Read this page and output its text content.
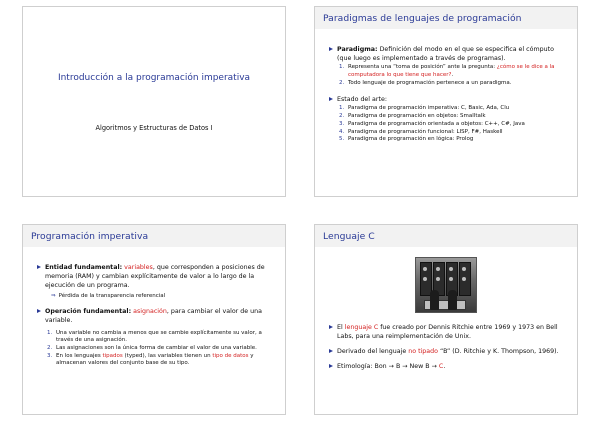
Introducción a la programación imperativa
Algoritmos y Estructuras de Datos I
Paradigmas de lenguajes de programación
Paradigma: Definición del modo en el que se especifica el cómputo (que luego es implementado a través de programas).
1. Representa una “toma de posición” ante la pregunta: ¿cómo se le dice a la computadora lo que tiene que hacer?.
2. Todo lenguaje de programación pertenece a un paradigma.
Estado del arte:
1. Paradigma de programación imperativa: C, Basic, Ada, Clu
2. Paradigma de programación en objetos: Smalltalk
3. Paradigma de programación orientada a objetos: C++, C#, Java
4. Paradigma de programación funcional: LISP, F#, Haskell
5. Paradigma de programación en lógica: Prolog
Programación imperativa
Entidad fundamental: variables, que corresponden a posiciones de memoria (RAM) y cambian explícitamente de valor a lo largo de la ejecución de un programa.
⇒ Pérdida de la transparencia referencial
Operación fundamental: asignación, para cambiar el valor de una variable.
1. Una variable no cambia a menos que se cambie explícitamente su valor, a través de una asignación.
2. Las asignaciones son la única forma de cambiar el valor de una variable.
3. En los lenguajes tipados (typed), las variables tienen un tipo de datos y almacenan valores del conjunto base de su tipo.
Lenguaje C
El lenguaje C fue creado por Dennis Ritchie entre 1969 y 1973 en Bell Labs, para una reimplementación de Unix.
Derivado del lenguaje no tipado “B” (D. Ritchie y K. Thompson, 1969).
Etimología: Bon → B → New B → C.
